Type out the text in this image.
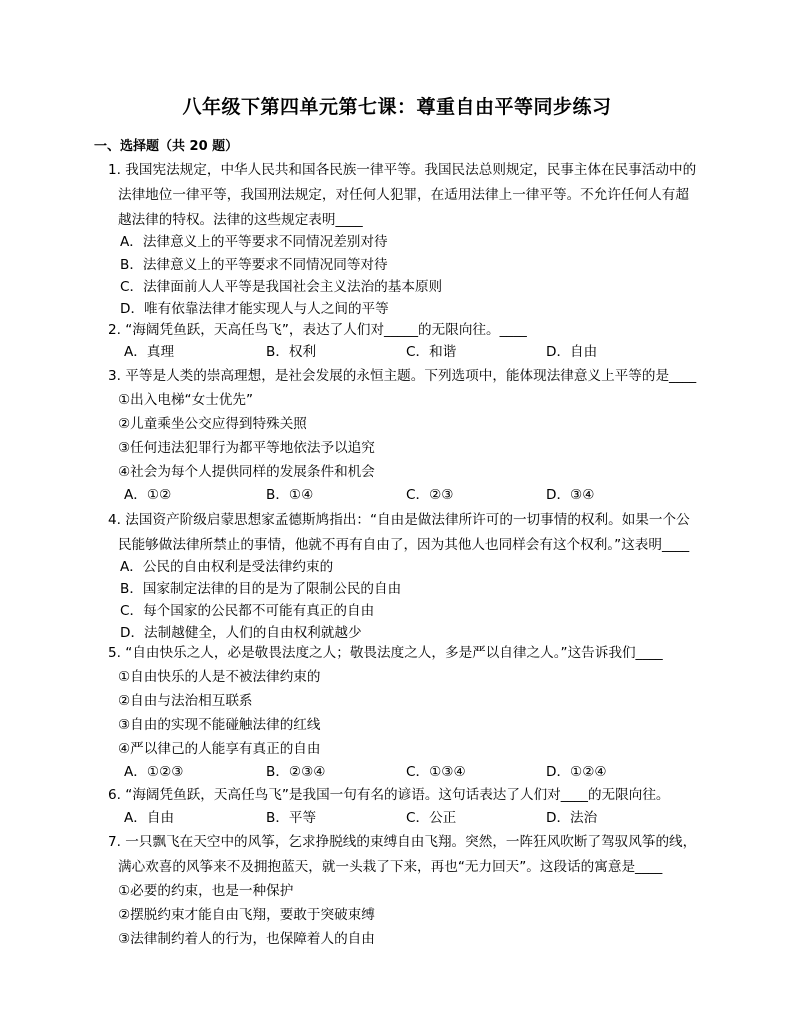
八年级下第四单元第七课：尊重自由平等同步练习
一、选择题（共 20 题）
1. 我国宪法规定，中华人民共和国各民族一律平等。我国民法总则规定，民事主体在民事活动中的
法律地位一律平等，我国刑法规定，对任何人犯罪，在适用法律上一律平等。不允许任何人有超
越法律的特权。法律的这些规定表明____
A．法律意义上的平等要求不同情况差别对待
B．法律意义上的平等要求不同情况同等对待
C．法律面前人人平等是我国社会主义法治的基本原则
D．唯有依靠法律才能实现人与人之间的平等
2. “海阔凭鱼跃，天高任鸟飞”，表达了人们对_____的无限向往。____
A．真理	B．权利	C．和谐	D．自由
3. 平等是人类的崇高理想，是社会发展的永恒主题。下列选项中，能体现法律意义上平等的是____
①出入电梯“女士优先”
②儿童乘坐公交应得到特殊关照
③任何违法犯罪行为都平等地依法予以追究
④社会为每个人提供同样的发展条件和机会
A．①②	B．①④	C．②③	D．③④
4. 法国资产阶级启蒙思想家孟德斯鸠指出：“自由是做法律所许可的一切事情的权利。如果一个公
民能够做法律所禁止的事情，他就不再有自由了，因为其他人也同样会有这个权利。”这表明____
A．公民的自由权利是受法律约束的
B．国家制定法律的目的是为了限制公民的自由
C．每个国家的公民都不可能有真正的自由
D．法制越健全，人们的自由权利就越少
5. “自由快乐之人，必是敬畏法度之人；敬畏法度之人，多是严以自律之人。”这告诉我们____
①自由快乐的人是不被法律约束的
②自由与法治相互联系
③自由的实现不能碰触法律的红线
④严以律己的人能享有真正的自由
A．①②③	B．②③④	C．①③④	D．①②④
6. “海阔凭鱼跃，天高任鸟飞”是我国一句有名的谚语。这句话表达了人们对____的无限向往。
A．自由	B．平等	C．公正	D．法治
7. 一只飘飞在天空中的风筝，乞求挣脱线的束缚自由飞翔。突然，一阵狂风吹断了驾驭风筝的线，
满心欢喜的风筝来不及拥抱蓝天，就一头栽了下来，再也“无力回天”。这段话的寓意是____
①必要的约束，也是一种保护
②摆脱约束才能自由飞翔，要敢于突破束缚
③法律制约着人的行为，也保障着人的自由
